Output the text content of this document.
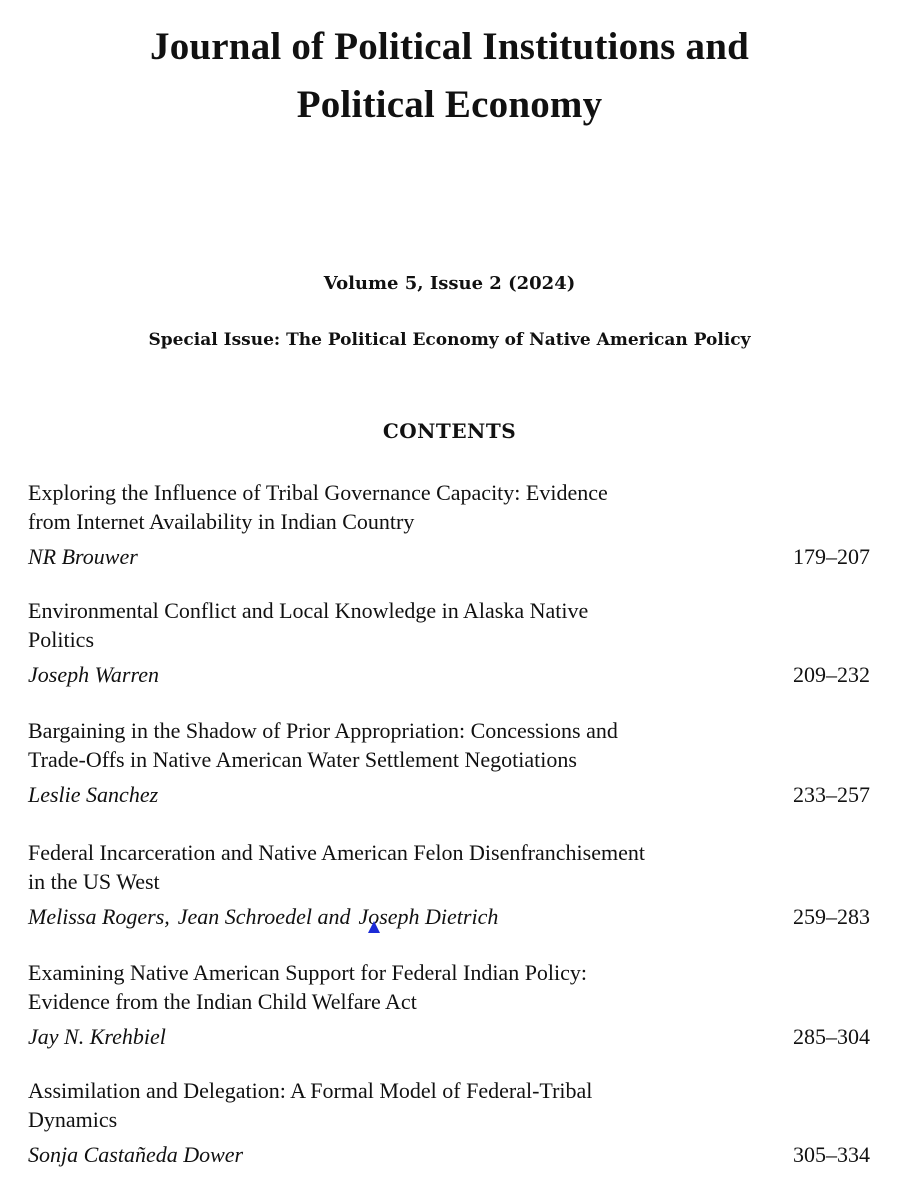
Journal of Political Institutions and
Political Economy
Volume 5, Issue 2 (2024)
Special Issue: The Political Economy of Native American Policy
CONTENTS

Exploring the Influence of Tribal Governance Capacity: Evidence
from Internet Availability in Indian Country

NR Brouwer	179–207

Environmental Conflict and Local Knowledge in Alaska Native
Politics

Joseph Warren	209–232

Bargaining in the Shadow of Prior Appropriation: Concessions and
Trade-Offs in Native American Water Settlement Negotiations

Leslie Sanchez	233–257

Federal Incarceration and Native American Felon Disenfranchisement
in the US West

Melissa Rogers, Jean Schroedel and Joseph Dietrich	259–283

Examining Native American Support for Federal Indian Policy:
Evidence from the Indian Child Welfare Act

Jay N. Krehbiel	285–304

Assimilation and Delegation: A Formal Model of Federal-Tribal
Dynamics

Sonja Castañeda Dower	305–334
